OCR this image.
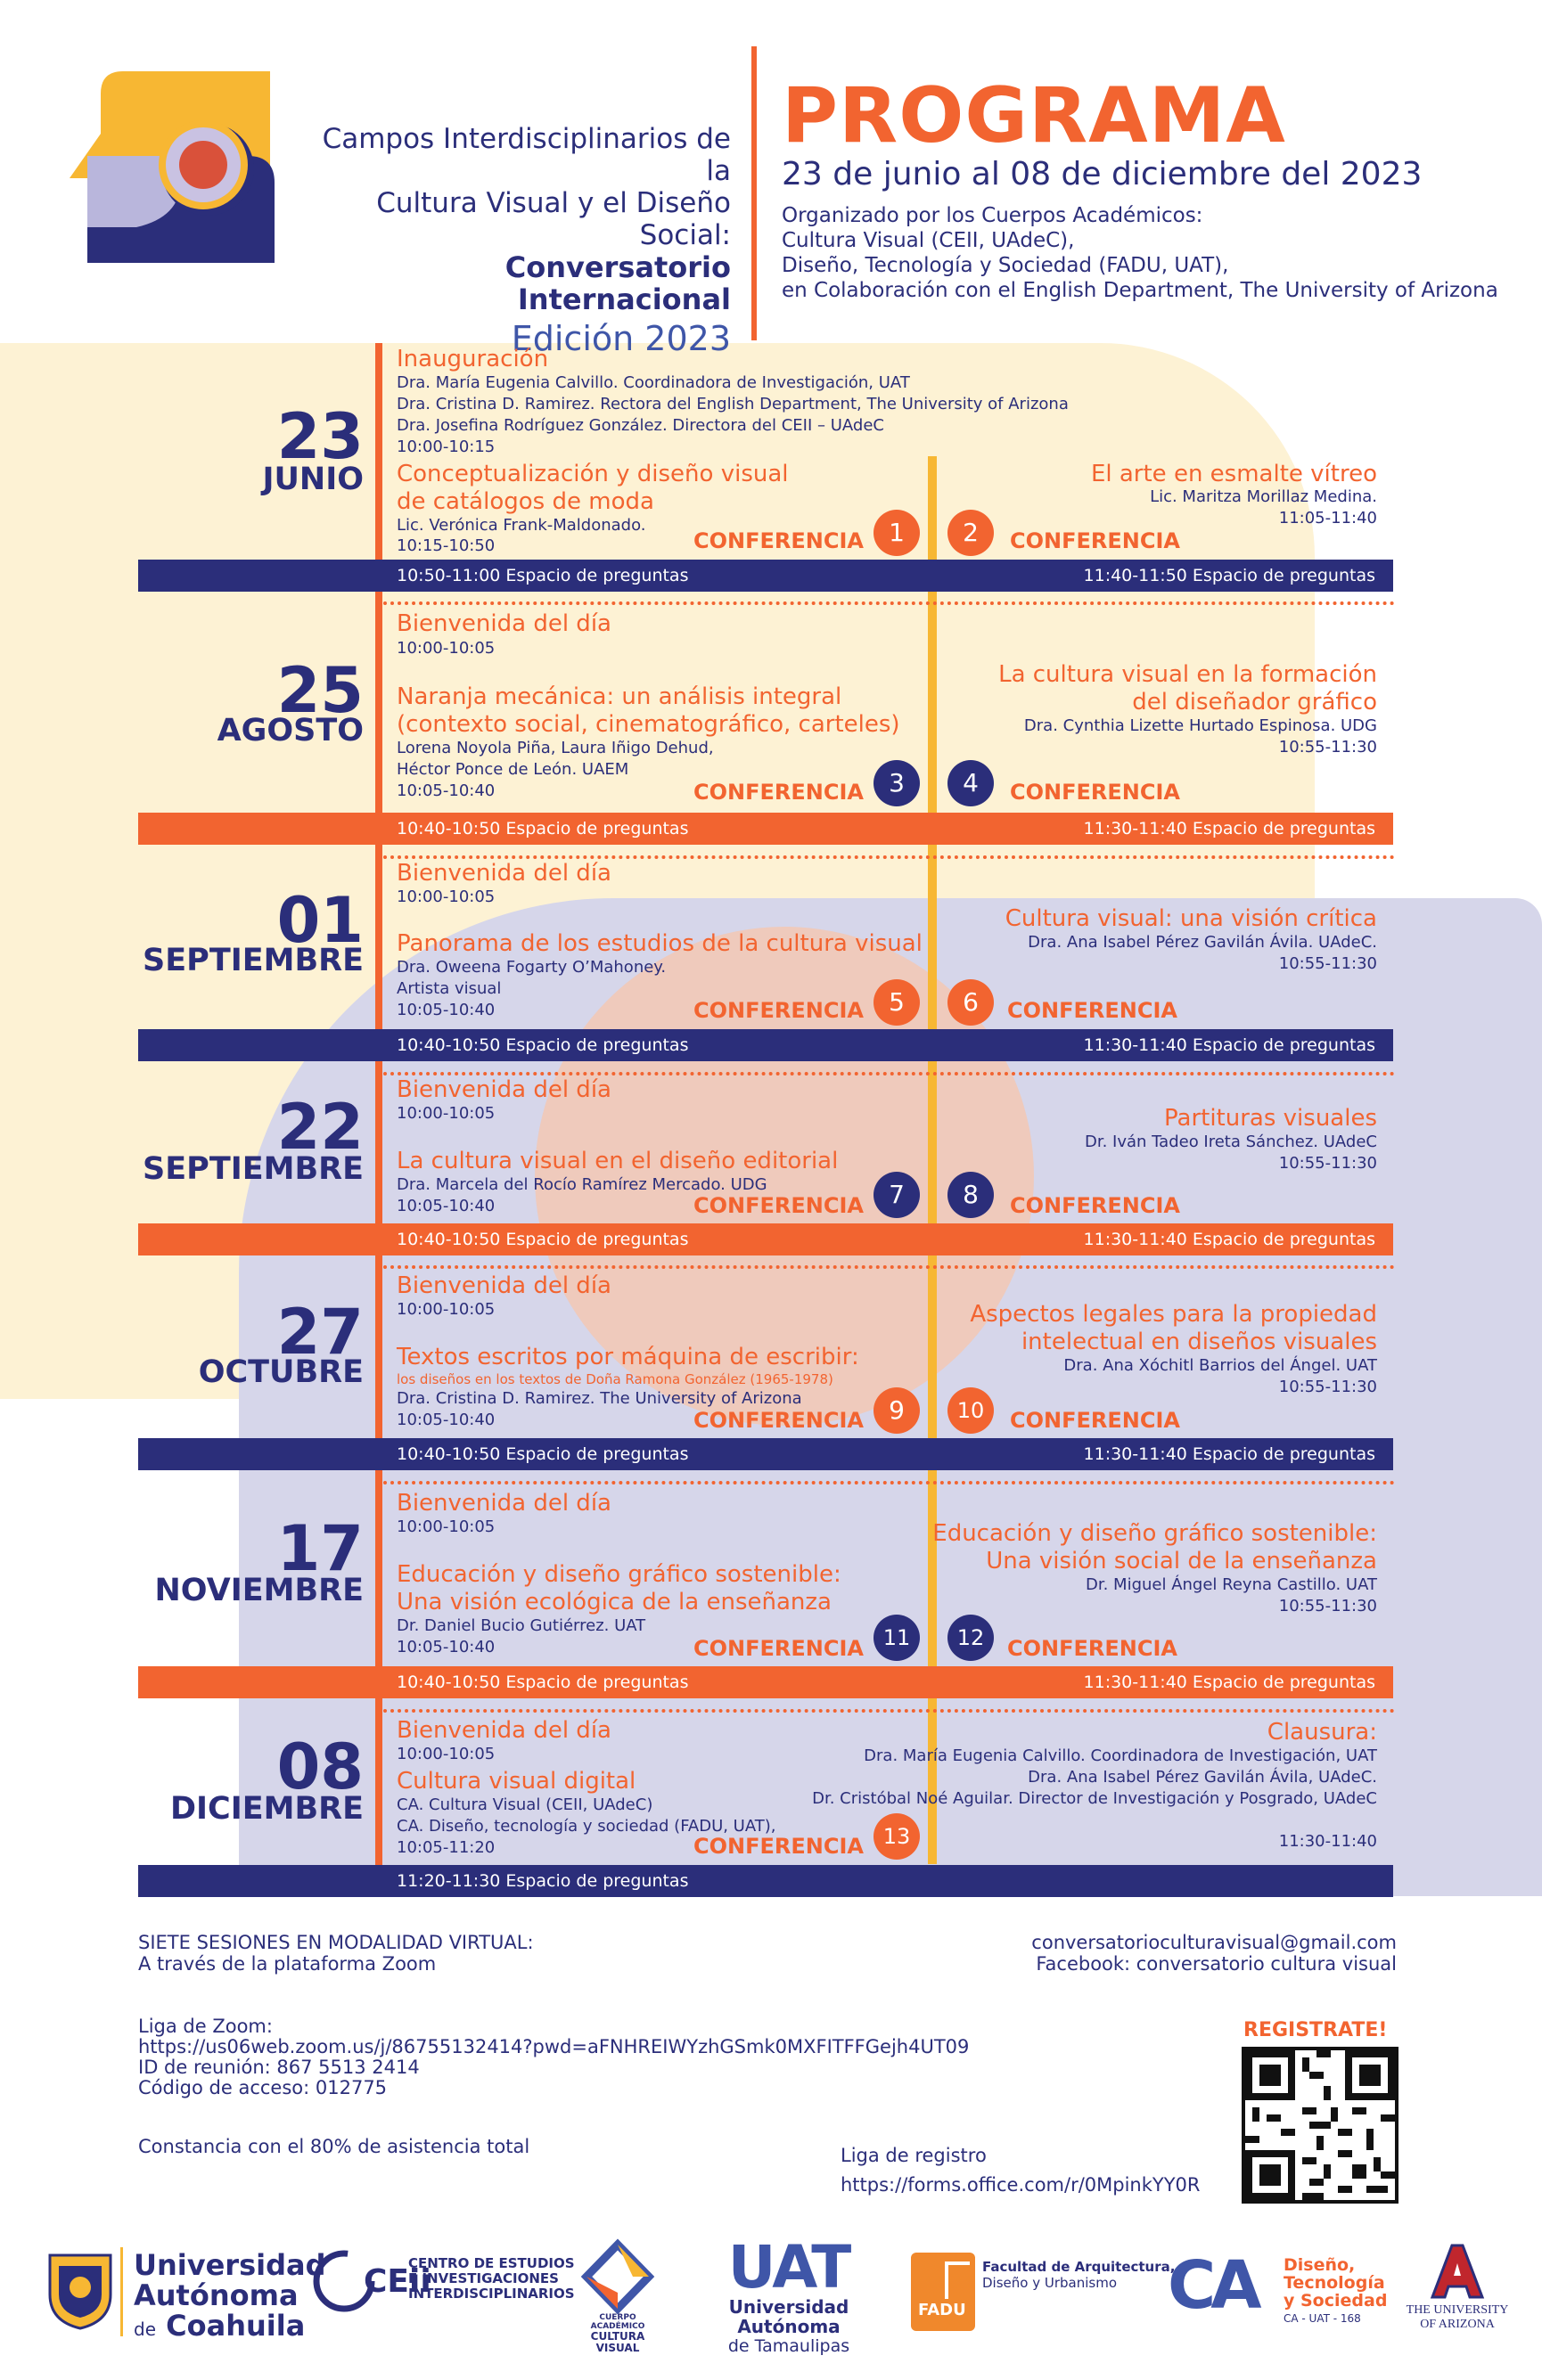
Campos Interdisciplinarios de la
Cultura Visual y el Diseño Social:
Conversatorio Internacional
Edición 2023
PROGRAMA
23 de junio al 08 de diciembre del 2023
Organizado por los Cuerpos Académicos:
Cultura Visual (CEII, UAdeC),
Diseño, Tecnología y Sociedad (FADU, UAT),
en Colaboración con el English Department, The University of Arizona
23
JUNIO
Inauguración
Dra. María Eugenia Calvillo. Coordinadora de Investigación, UAT
Dra. Cristina D. Ramirez. Rectora del English Department, The University of Arizona
Dra. Josefina Rodríguez González. Directora del CEII – UAdeC
10:00-10:15
Conceptualización y diseño visual
de catálogos de moda
Lic. Verónica Frank-Maldonado.
10:15-10:50	CONFERENCIA	1
El arte en esmalte vítreo
Lic. Maritza Morillaz Medina.
11:05-11:40
2	CONFERENCIA
10:50-11:00 Espacio de preguntas	11:40-11:50 Espacio de preguntas
25
AGOSTO
Bienvenida del día
10:00-10:05
Naranja mecánica: un análisis integral
(contexto social, cinematográfico, carteles)
Lorena Noyola Piña, Laura Iñigo Dehud,
Héctor Ponce de León. UAEM
10:05-10:40	CONFERENCIA	3
La cultura visual en la formación
del diseñador gráfico
Dra. Cynthia Lizette Hurtado Espinosa. UDG
10:55-11:30
4	CONFERENCIA
10:40-10:50 Espacio de preguntas	11:30-11:40 Espacio de preguntas
01
SEPTIEMBRE
Bienvenida del día
10:00-10:05
Panorama de los estudios de la cultura visual
Dra. Oweena Fogarty O’Mahoney.
Artista visual
10:05-10:40	CONFERENCIA	5
Cultura visual: una visión crítica
Dra. Ana Isabel Pérez Gavilán Ávila. UAdeC.
10:55-11:30
6	CONFERENCIA
10:40-10:50 Espacio de preguntas	11:30-11:40 Espacio de preguntas
22
SEPTIEMBRE
Bienvenida del día
10:00-10:05
La cultura visual en el diseño editorial
Dra. Marcela del Rocío Ramírez Mercado. UDG
10:05-10:40	CONFERENCIA	7
Partituras visuales
Dr. Iván Tadeo Ireta Sánchez. UAdeC
10:55-11:30
8	CONFERENCIA
10:40-10:50 Espacio de preguntas	11:30-11:40 Espacio de preguntas
27
OCTUBRE
Bienvenida del día
10:00-10:05
Textos escritos por máquina de escribir:
los diseños en los textos de Doña Ramona González (1965-1978)
Dra. Cristina D. Ramirez. The University of Arizona
10:05-10:40	CONFERENCIA	9
Aspectos legales para la propiedad
intelectual en diseños visuales
Dra. Ana Xóchitl Barrios del Ángel. UAT
10:55-11:30
10	CONFERENCIA
10:40-10:50 Espacio de preguntas	11:30-11:40 Espacio de preguntas
17
NOVIEMBRE
Bienvenida del día
10:00-10:05
Educación y diseño gráfico sostenible:
Una visión ecológica de la enseñanza
Dr. Daniel Bucio Gutiérrez. UAT
10:05-10:40	CONFERENCIA 11
Educación y diseño gráfico sostenible:
Una visión social de la enseñanza
Dr. Miguel Ángel Reyna Castillo. UAT
10:55-11:30
12	CONFERENCIA
10:40-10:50 Espacio de preguntas	11:30-11:40 Espacio de preguntas
08
DICIEMBRE
Bienvenida del día
10:00-10:05
Cultura visual digital
CA. Cultura Visual (CEII, UAdeC)
CA. Diseño, tecnología y sociedad (FADU, UAT),
10:05-11:20	CONFERENCIA 13
Clausura:
Dra. María Eugenia Calvillo. Coordinadora de Investigación, UAT
Dra. Ana Isabel Pérez Gavilán Ávila, UAdeC.
Dr. Cristóbal Noé Aguilar. Director de Investigación y Posgrado, UAdeC
11:30-11:40
11:20-11:30 Espacio de preguntas
SIETE SESIONES EN MODALIDAD VIRTUAL:
A través de la plataforma Zoom
conversatorioculturavisual@gmail.com
Facebook: conversatorio cultura visual
Liga de Zoom:
https://us06web.zoom.us/j/86755132414?pwd=aFNHREIWYzhGSmk0MXFITFFGejh4UT09
ID de reunión: 867 5513 2414
Código de acceso: 012775
Constancia con el 80% de asistencia total
REGISTRATE!
Liga de registro
https://forms.office.com/r/0MpinkYY0R
Universidad
Autónoma
de Coahuila
CEii
CENTRO DE ESTUDIOS
E INVESTIGACIONES
INTERDISCIPLINARIOS
CUERPO ACADÉMICO
CULTURA
VISUAL
UAT
Universidad Autónoma
de Tamaulipas
FADU
Facultad de Arquitectura,
Diseño y Urbanismo CA Diseño,
Tecnología
y Sociedad
CA - UAT - 168
THE UNIVERSITY
OF ARIZONA
